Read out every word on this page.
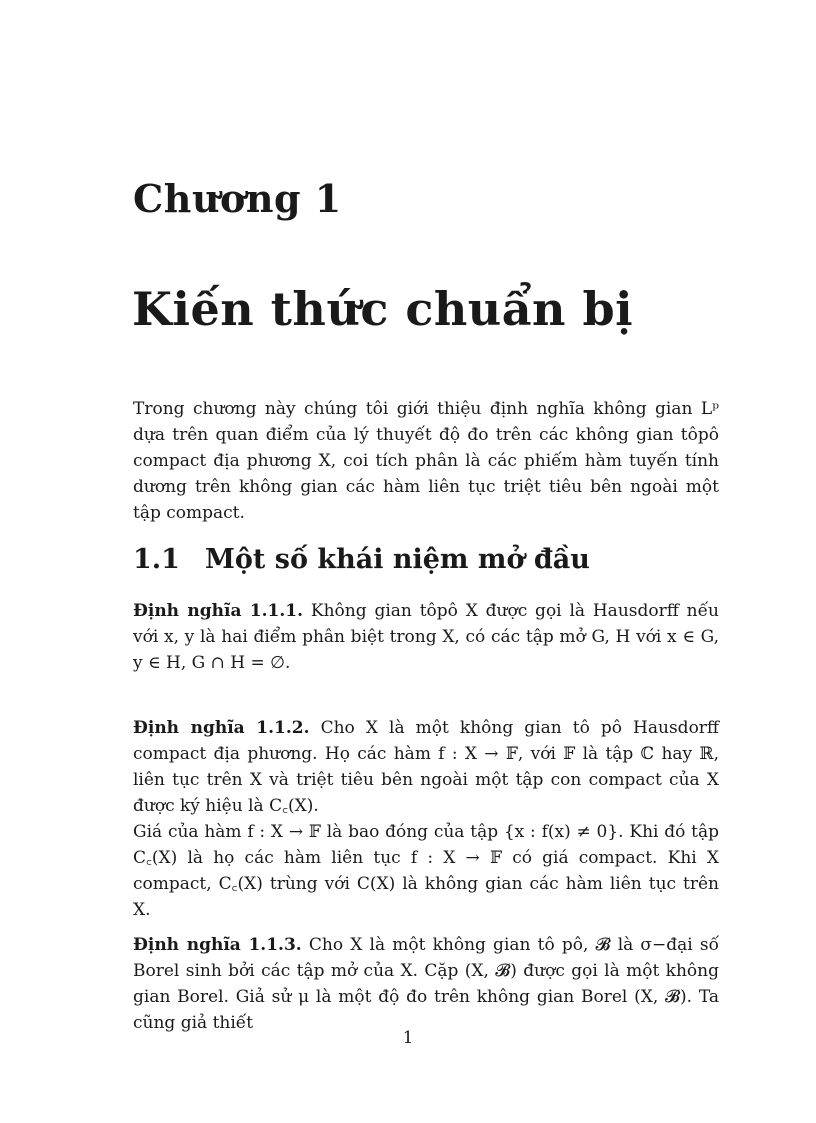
Chương 1
Kiến thức chuẩn bị

Trong chương này chúng tôi giới thiệu định nghĩa không gian Lᵖ dựa trên quan điểm của lý thuyết độ đo trên các không gian tôpô compact địa phương X, coi tích phân là các phiếm hàm tuyến tính dương trên không gian các hàm liên tục triệt tiêu bên ngoài một tập compact.

1.1 Một số khái niệm mở đầu
Định nghĩa 1.1.1. Không gian tôpô X được gọi là Hausdorff nếu với x, y là hai điểm phân biệt trong X, có các tập mở G, H với x ∈ G, y ∈ H, G ∩ H = ∅.
Định nghĩa 1.1.2. Cho X là một không gian tô pô Hausdorff compact địa phương. Họ các hàm f : X → 𝔽, với 𝔽 là tập ℂ hay ℝ, liên tục trên X và triệt tiêu bên ngoài một tập con compact của X được ký hiệu là C꜀(X).
Giá của hàm f : X → 𝔽 là bao đóng của tập {x : f(x) ≠ 0}. Khi đó tập C꜀(X) là họ các hàm liên tục f : X → 𝔽 có giá compact. Khi X compact, C꜀(X) trùng với C(X) là không gian các hàm liên tục trên X.
Định nghĩa 1.1.3. Cho X là một không gian tô pô, 𝓑 là σ−đại số Borel sinh bởi các tập mở của X. Cặp (X, 𝓑) được gọi là một không gian Borel. Giả sử μ là một độ đo trên không gian Borel (X, 𝓑). Ta cũng giả thiết
1
